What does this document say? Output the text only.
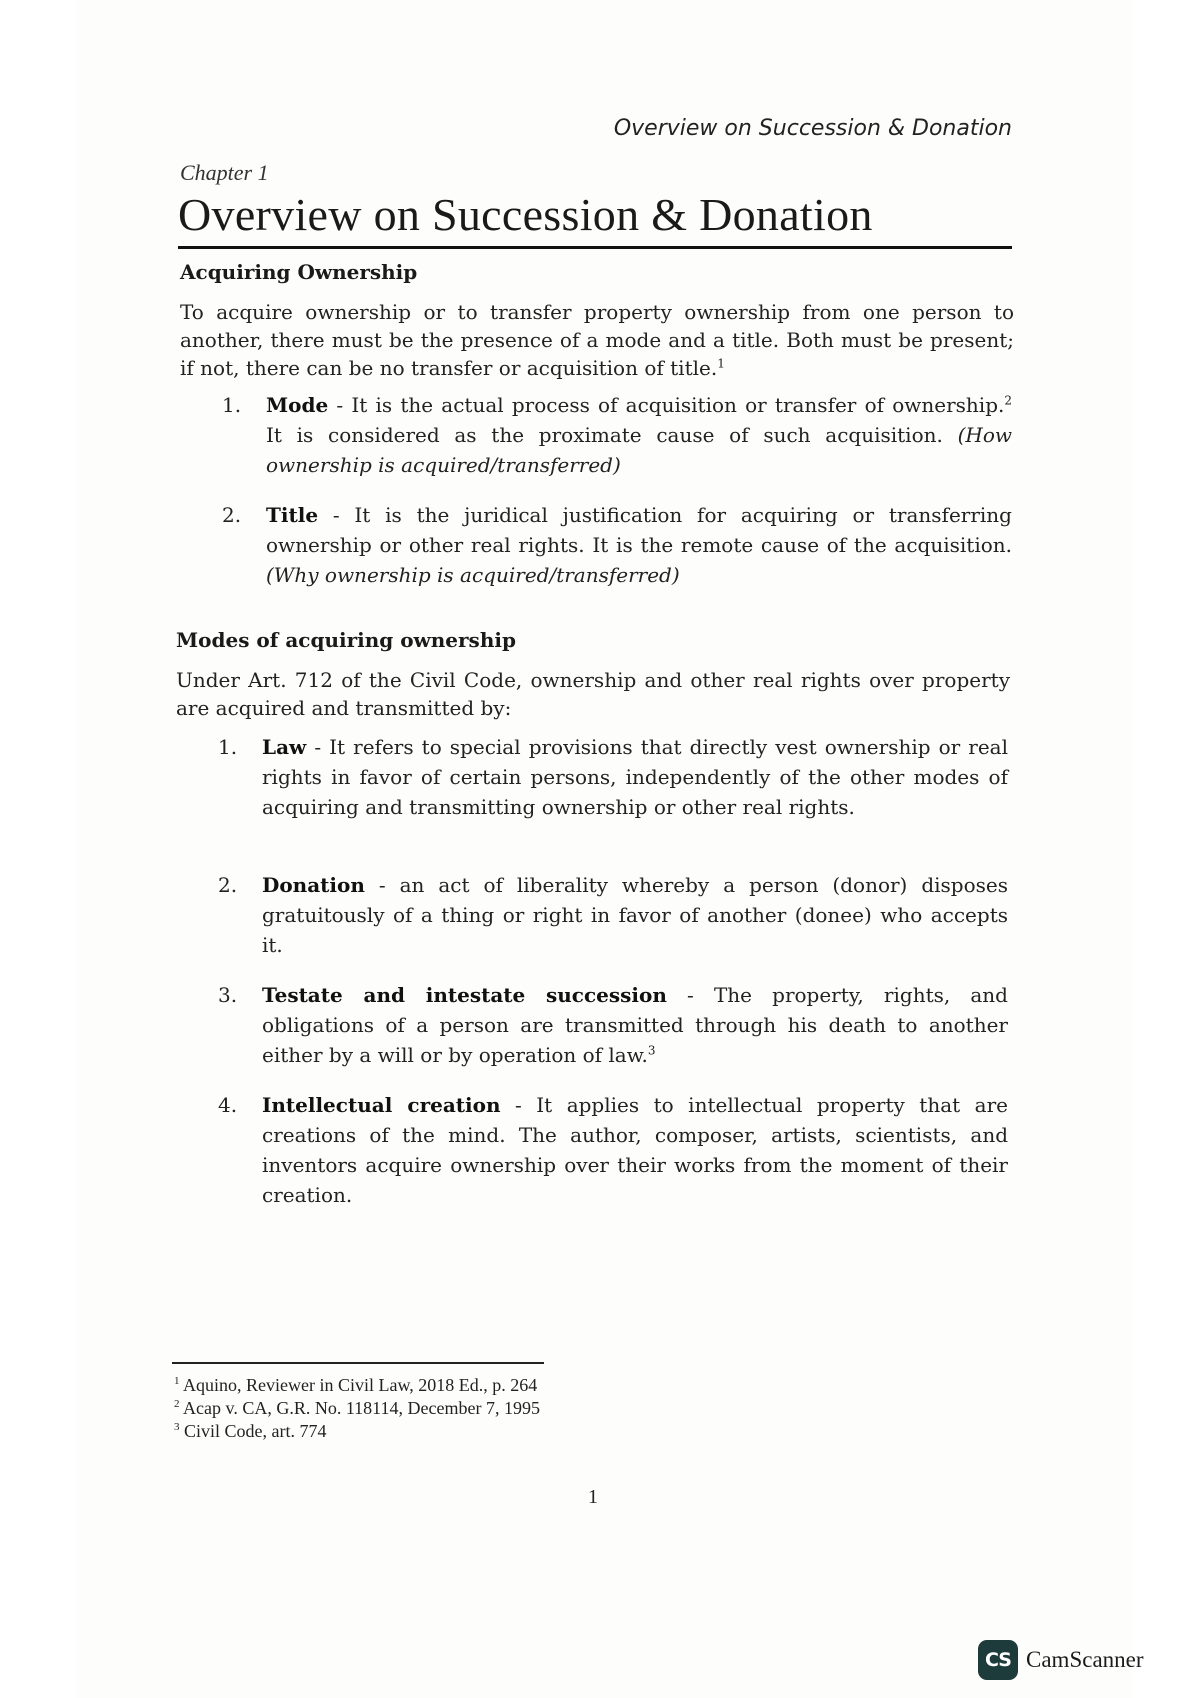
Overview on Succession & Donation
Chapter 1
Overview on Succession & Donation
Acquiring Ownership

To acquire ownership or to transfer property ownership from one person to another, there must be the presence of a mode and a title. Both must be present; if not, there can be no transfer or acquisition of title.$^1$

1. Mode - It is the actual process of acquisition or transfer of ownership.$^2$ It is considered as the proximate cause of such acquisition. (How ownership is acquired/transferred)
2. Title - It is the juridical justification for acquiring or transferring ownership or other real rights. It is the remote cause of the acquisition. (Why ownership is acquired/transferred)
Modes of acquiring ownership

Under Art. 712 of the Civil Code, ownership and other real rights over property are acquired and transmitted by:

1. Law - It refers to special provisions that directly vest ownership or real rights in favor of certain persons, independently of the other modes of acquiring and transmitting ownership or other real rights.
2. Donation - an act of liberality whereby a person (donor) disposes gratuitously of a thing or right in favor of another (donee) who accepts it.
3. Testate and intestate succession - The property, rights, and obligations of a person are transmitted through his death to another either by a will or by operation of law.$^3$
4. Intellectual creation - It applies to intellectual property that are creations of the mind. The author, composer, artists, scientists, and inventors acquire ownership over their works from the moment of their creation.
$^1$ Aquino, Reviewer in Civil Law, 2018 Ed., p. 264
$^2$ Acap v. CA, G.R. No. 118114, December 7, 1995
$^3$ Civil Code, art. 774
1
CS CamScanner
